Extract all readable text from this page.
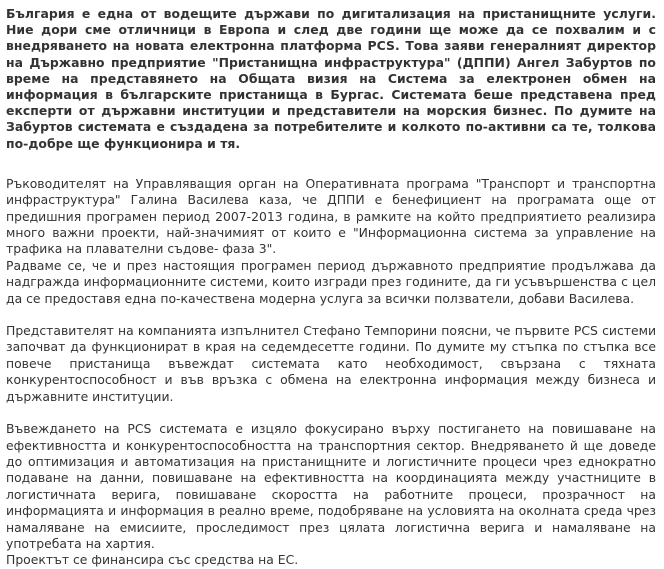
България е една от водещите държави по дигитализация на пристанищните услуги. Ние дори сме отличници в Европа и след две години ще може да се похвалим и с внедряването на новата електронна платформа PCS. Това заяви генералният директор на Държавно предприятие "Пристанищна инфраструктура" (ДППИ) Ангел Забуртов по време на представянето на Общата визия на Система за електронен обмен на информация в българските пристанища в Бургас. Системата беше представена пред експерти от държавни институции и представители на морския бизнес. По думите на Забуртов системата е създадена за потребителите и колкото по-активни са те, толкова по-добре ще функционира и тя.

Ръководителят на Управляващия орган на Оперативната програма "Транспорт и транспортна инфраструктура" Галина Василева каза, че ДППИ е бенефициент на програмата още от предишния програмен период 2007-2013 година, в рамките на който предприятието реализира много важни проекти, най-значимият от които е "Информационна система за управление на трафика на плавателни съдове- фаза 3".

Радваме се, че и през настоящия програмен период държавното предприятие продължава да надгражда информационните системи, които изгради през годините, да ги усъвършенства с цел да се предоставя една по-качествена модерна услуга за всички ползватели, добави Василева.

Представителят на компанията изпълнител Стефано Темпорини поясни, че първите PCS системи започват да функционират в края на седемдесетте години. По думите му стъпка по стъпка все повече пристанища въвеждат системата като необходимост, свързана с тяхната конкурентоспособност и във връзка с обмена на електронна информация между бизнеса и държавните институции.

Въвеждането на PCS системата е изцяло фокусирано върху постигането на повишаване на ефективността и конкурентоспособността на транспортния сектор. Внедряването й ще доведе до оптимизация и автоматизация на пристанищните и логистичните процеси чрез еднократно подаване на данни, повишаване на ефективността на координацията между участниците в логистичната верига, повишаване скоростта на работните процеси, прозрачност на информацията и информация в реално време, подобряване на условията на околната среда чрез намаляване на емисиите, проследимост през цялата логистична верига и намаляване на употребата на хартия.

Проектът се финансира със средства на ЕС.
